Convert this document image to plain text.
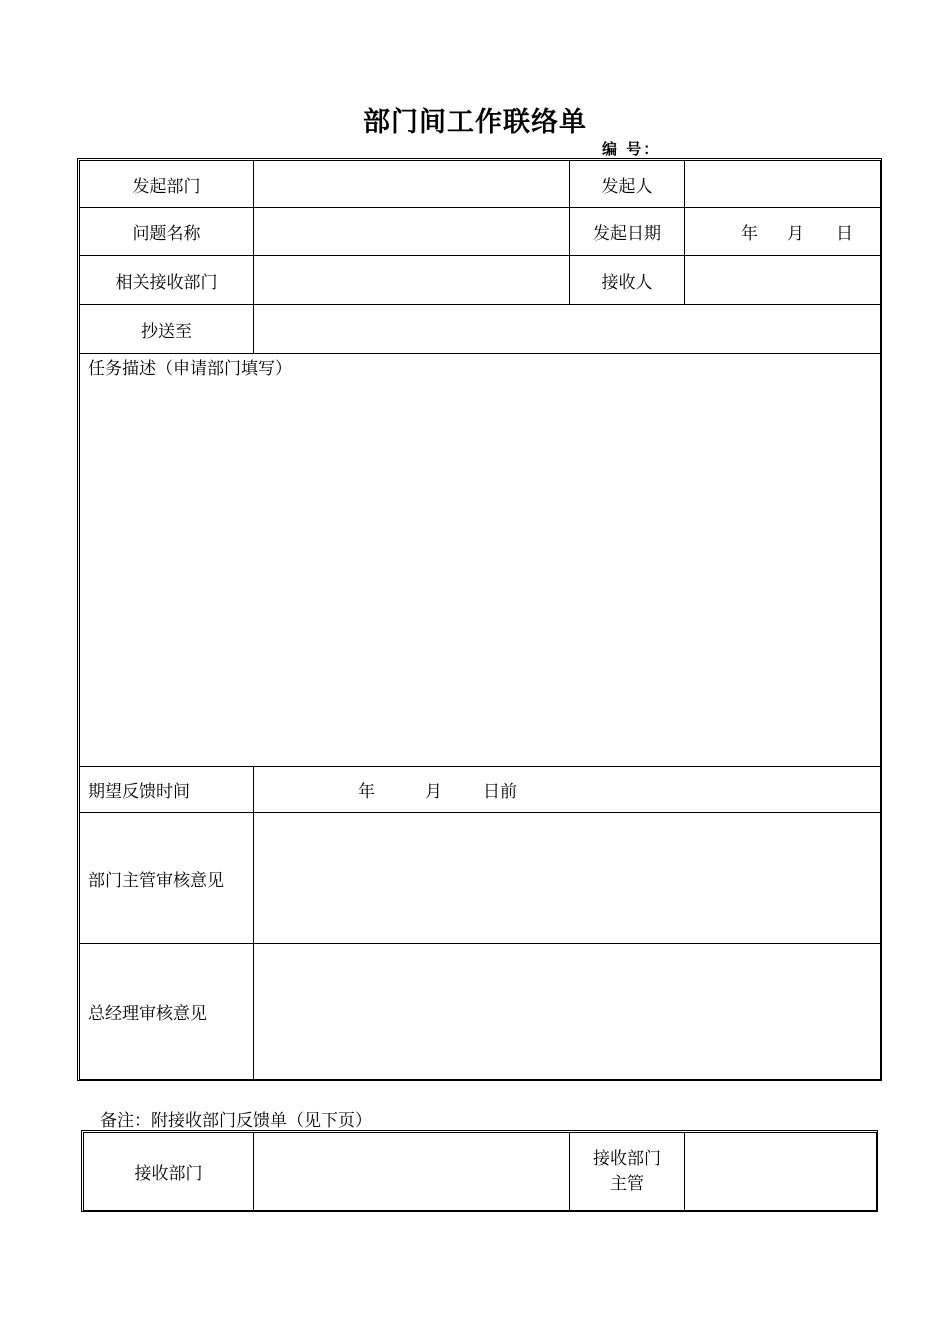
部门间工作联络单
编 号：
发起部门		发起人	
问题名称		发起日期	年 月 日
相关接收部门		接收人	
抄送至			
任务描述（申请部门填写）			
期望反馈时间	年 月 日前		
部门主管审核意见			
总经理审核意见			
备注：附接收部门反馈单（见下页）
接收部门		接收部门
主管	
